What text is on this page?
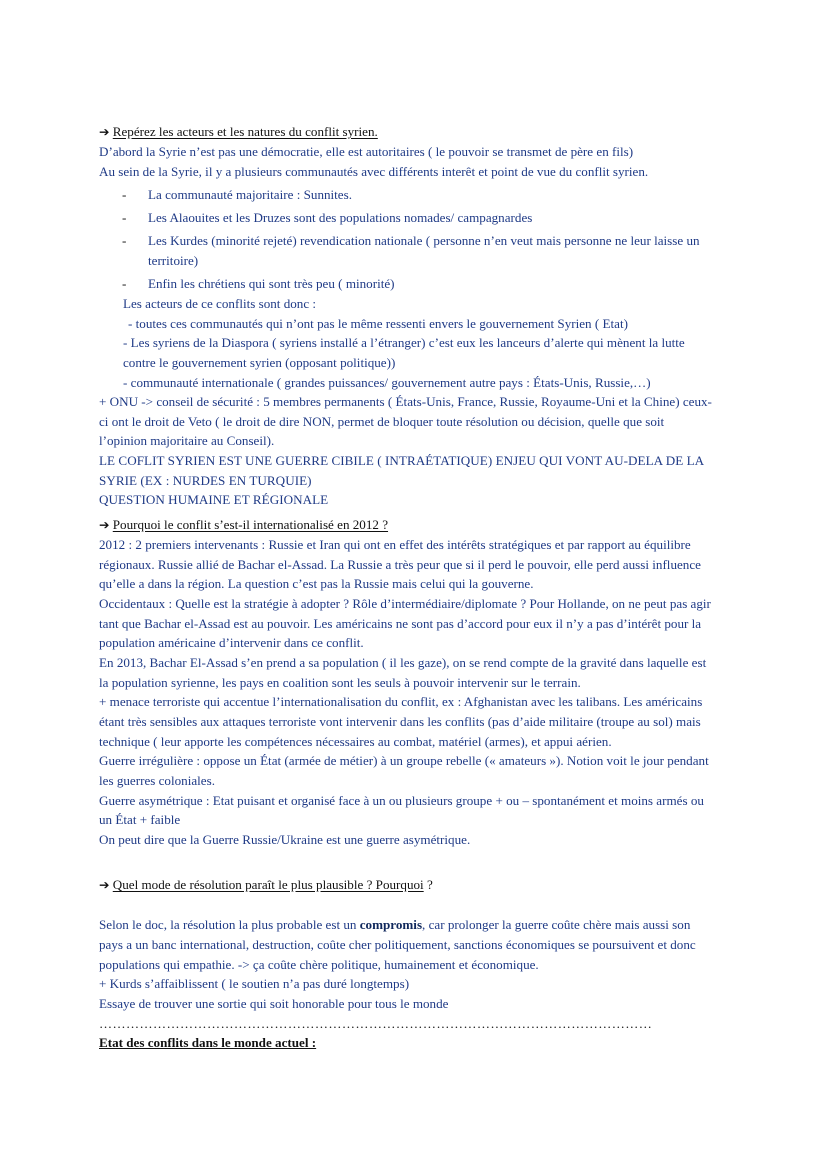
➔ Repérez les acteurs et les natures du conflit syrien.
D’abord la Syrie n’est pas une démocratie, elle est autoritaires ( le pouvoir se transmet de père en fils)
Au sein de la Syrie, il y a plusieurs communautés avec différents interêt et point de vue du conflit syrien.
- La communauté majoritaire : Sunnites.
- Les Alaouites et les Druzes sont des populations nomades/ campagnardes
- Les Kurdes (minorité rejeté) revendication nationale ( personne n’en veut mais personne ne leur laisse un
territoire)
- Enfin les chrétiens qui sont très peu ( minorité)
Les acteurs de ce conflits sont donc :
- toutes ces communautés qui n’ont pas le même ressenti envers le gouvernement Syrien ( Etat)
- Les syriens de la Diaspora ( syriens installé a l’étranger) c’est eux les lanceurs d’alerte qui mènent la lutte
contre le gouvernement syrien (opposant politique))
- communauté internationale ( grandes puissances/ gouvernement autre pays : États-Unis, Russie,…)
+ ONU -> conseil de sécurité : 5 membres permanents ( États-Unis, France, Russie, Royaume-Uni et la Chine) ceux-
ci ont le droit de Veto ( le droit de dire NON, permet de bloquer toute résolution ou décision, quelle que soit
l’opinion majoritaire au Conseil).
LE COFLIT SYRIEN EST UNE GUERRE CIBILE ( INTRAÉTATIQUE) ENJEU QUI VONT AU-DELA DE LA
SYRIE (EX : NURDES EN TURQUIE)
QUESTION HUMAINE ET RÉGIONALE
➔ Pourquoi le conflit s’est-il internationalisé en 2012 ?
2012 : 2 premiers intervenants : Russie et Iran qui ont en effet des intérêts stratégiques et par rapport au équilibre
régionaux. Russie allié de Bachar el-Assad. La Russie a très peur que si il perd le pouvoir, elle perd aussi influence
qu’elle a dans la région. La question c’est pas la Russie mais celui qui la gouverne.
Occidentaux : Quelle est la stratégie à adopter ? Rôle d’intermédiaire/diplomate ? Pour Hollande, on ne peut pas agir
tant que Bachar el-Assad est au pouvoir. Les américains ne sont pas d’accord pour eux il n’y a pas d’intérêt pour la
population américaine d’intervenir dans ce conflit.
En 2013, Bachar El-Assad s’en prend a sa population ( il les gaze), on se rend compte de la gravité dans laquelle est
la population syrienne, les pays en coalition sont les seuls à pouvoir intervenir sur le terrain.
+ menace terroriste qui accentue l’internationalisation du conflit, ex : Afghanistan avec les talibans. Les américains
étant très sensibles aux attaques terroriste vont intervenir dans les conflits (pas d’aide militaire (troupe au sol) mais
technique ( leur apporte les compétences nécessaires au combat, matériel (armes), et appui aérien.
Guerre irrégulière : oppose un État (armée de métier) à un groupe rebelle (« amateurs »). Notion voit le jour pendant
les guerres coloniales.
Guerre asymétrique : Etat puisant et organisé face à un ou plusieurs groupe + ou – spontanément et moins armés ou
un État + faible
On peut dire que la Guerre Russie/Ukraine est une guerre asymétrique.
➔ Quel mode de résolution paraît le plus plausible ? Pourquoi ?
Selon le doc, la résolution la plus probable est un compromis, car prolonger la guerre coûte chère mais aussi son
pays a un banc international, destruction, coûte cher politiquement, sanctions économiques se poursuivent et donc
populations qui empathie. -> ça coûte chère politique, humainement et économique.
+ Kurds s’affaiblissent ( le soutien n’a pas duré longtemps)
Essaye de trouver une sortie qui soit honorable pour tous le monde
……………………………………………………………………………………………………………
Etat des conflits dans le monde actuel :
